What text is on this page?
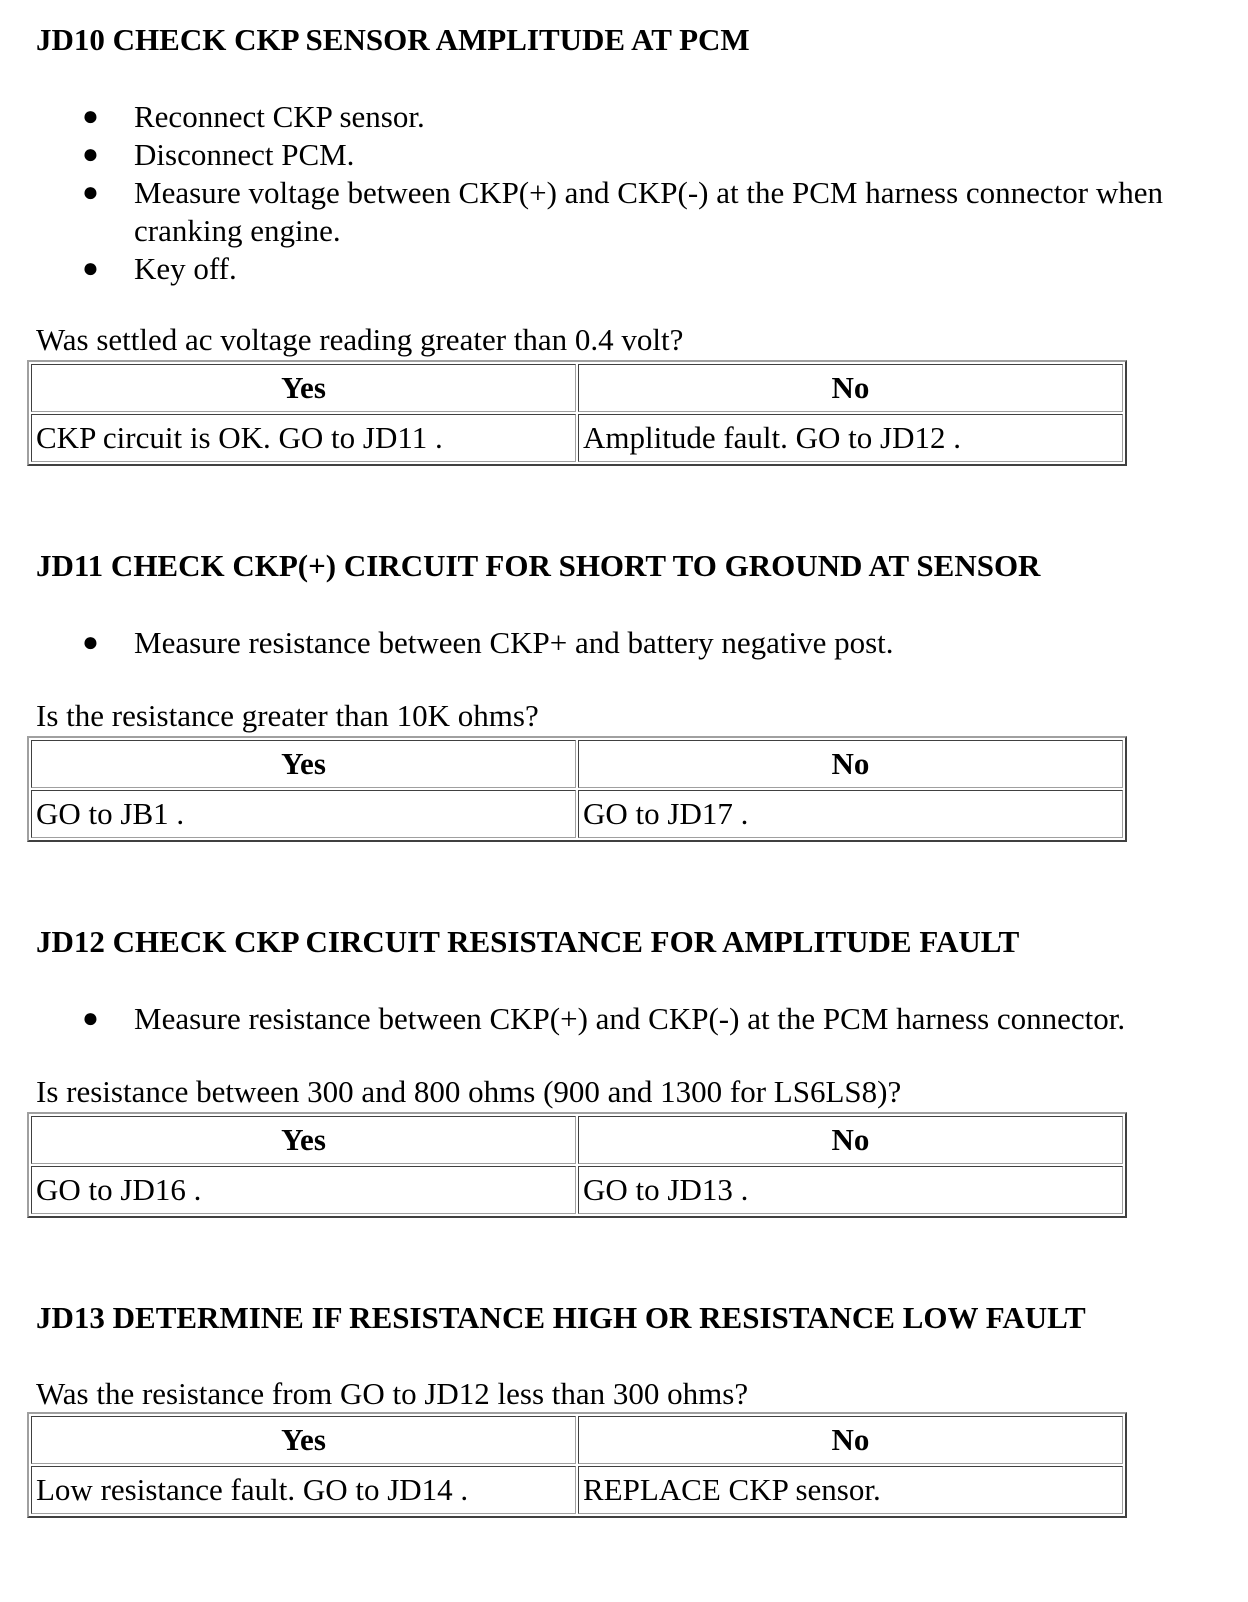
JD10 CHECK CKP SENSOR AMPLITUDE AT PCM
● Reconnect CKP sensor.
● Disconnect PCM.
● Measure voltage between CKP(+) and CKP(-) at the PCM harness connector when cranking engine.
● Key off.

Was settled ac voltage reading greater than 0.4 volt?

Yes	No
CKP circuit is OK. GO to JD11 .	Amplitude fault. GO to JD12 .
JD11 CHECK CKP(+) CIRCUIT FOR SHORT TO GROUND AT SENSOR
● Measure resistance between CKP+ and battery negative post.

Is the resistance greater than 10K ohms?

Yes	No
GO to JB1 .	GO to JD17 .
JD12 CHECK CKP CIRCUIT RESISTANCE FOR AMPLITUDE FAULT
● Measure resistance between CKP(+) and CKP(-) at the PCM harness connector.

Is resistance between 300 and 800 ohms (900 and 1300 for LS6LS8)?

Yes	No
GO to JD16 .	GO to JD13 .
JD13 DETERMINE IF RESISTANCE HIGH OR RESISTANCE LOW FAULT

Was the resistance from GO to JD12 less than 300 ohms?

Yes	No
Low resistance fault. GO to JD14 .	REPLACE CKP sensor.
